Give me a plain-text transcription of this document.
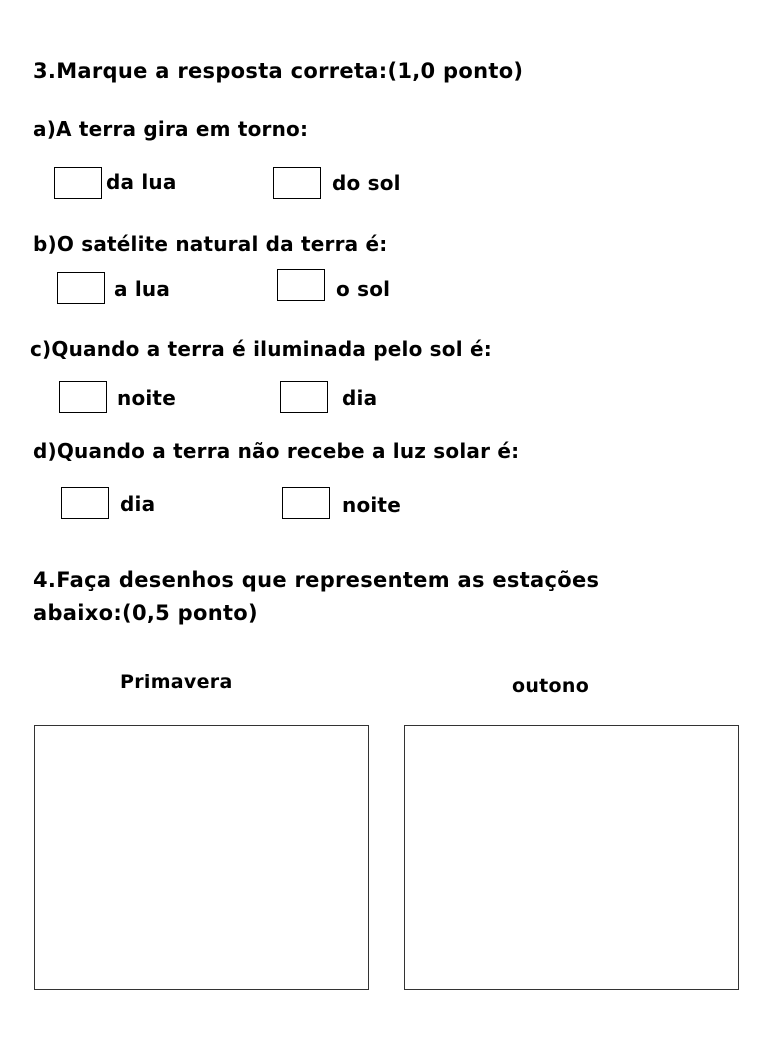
3.Marque a resposta correta:(1,0 ponto)
a)A terra gira em torno:
da lua	do sol
b)O satélite natural da terra é:
a lua	o sol
c)Quando a terra é iluminada pelo sol é:
noite	dia
d)Quando a terra não recebe a luz solar é:
dia	noite
4.Faça desenhos que representem as estações
abaixo:(0,5 ponto)
Primavera	outono
